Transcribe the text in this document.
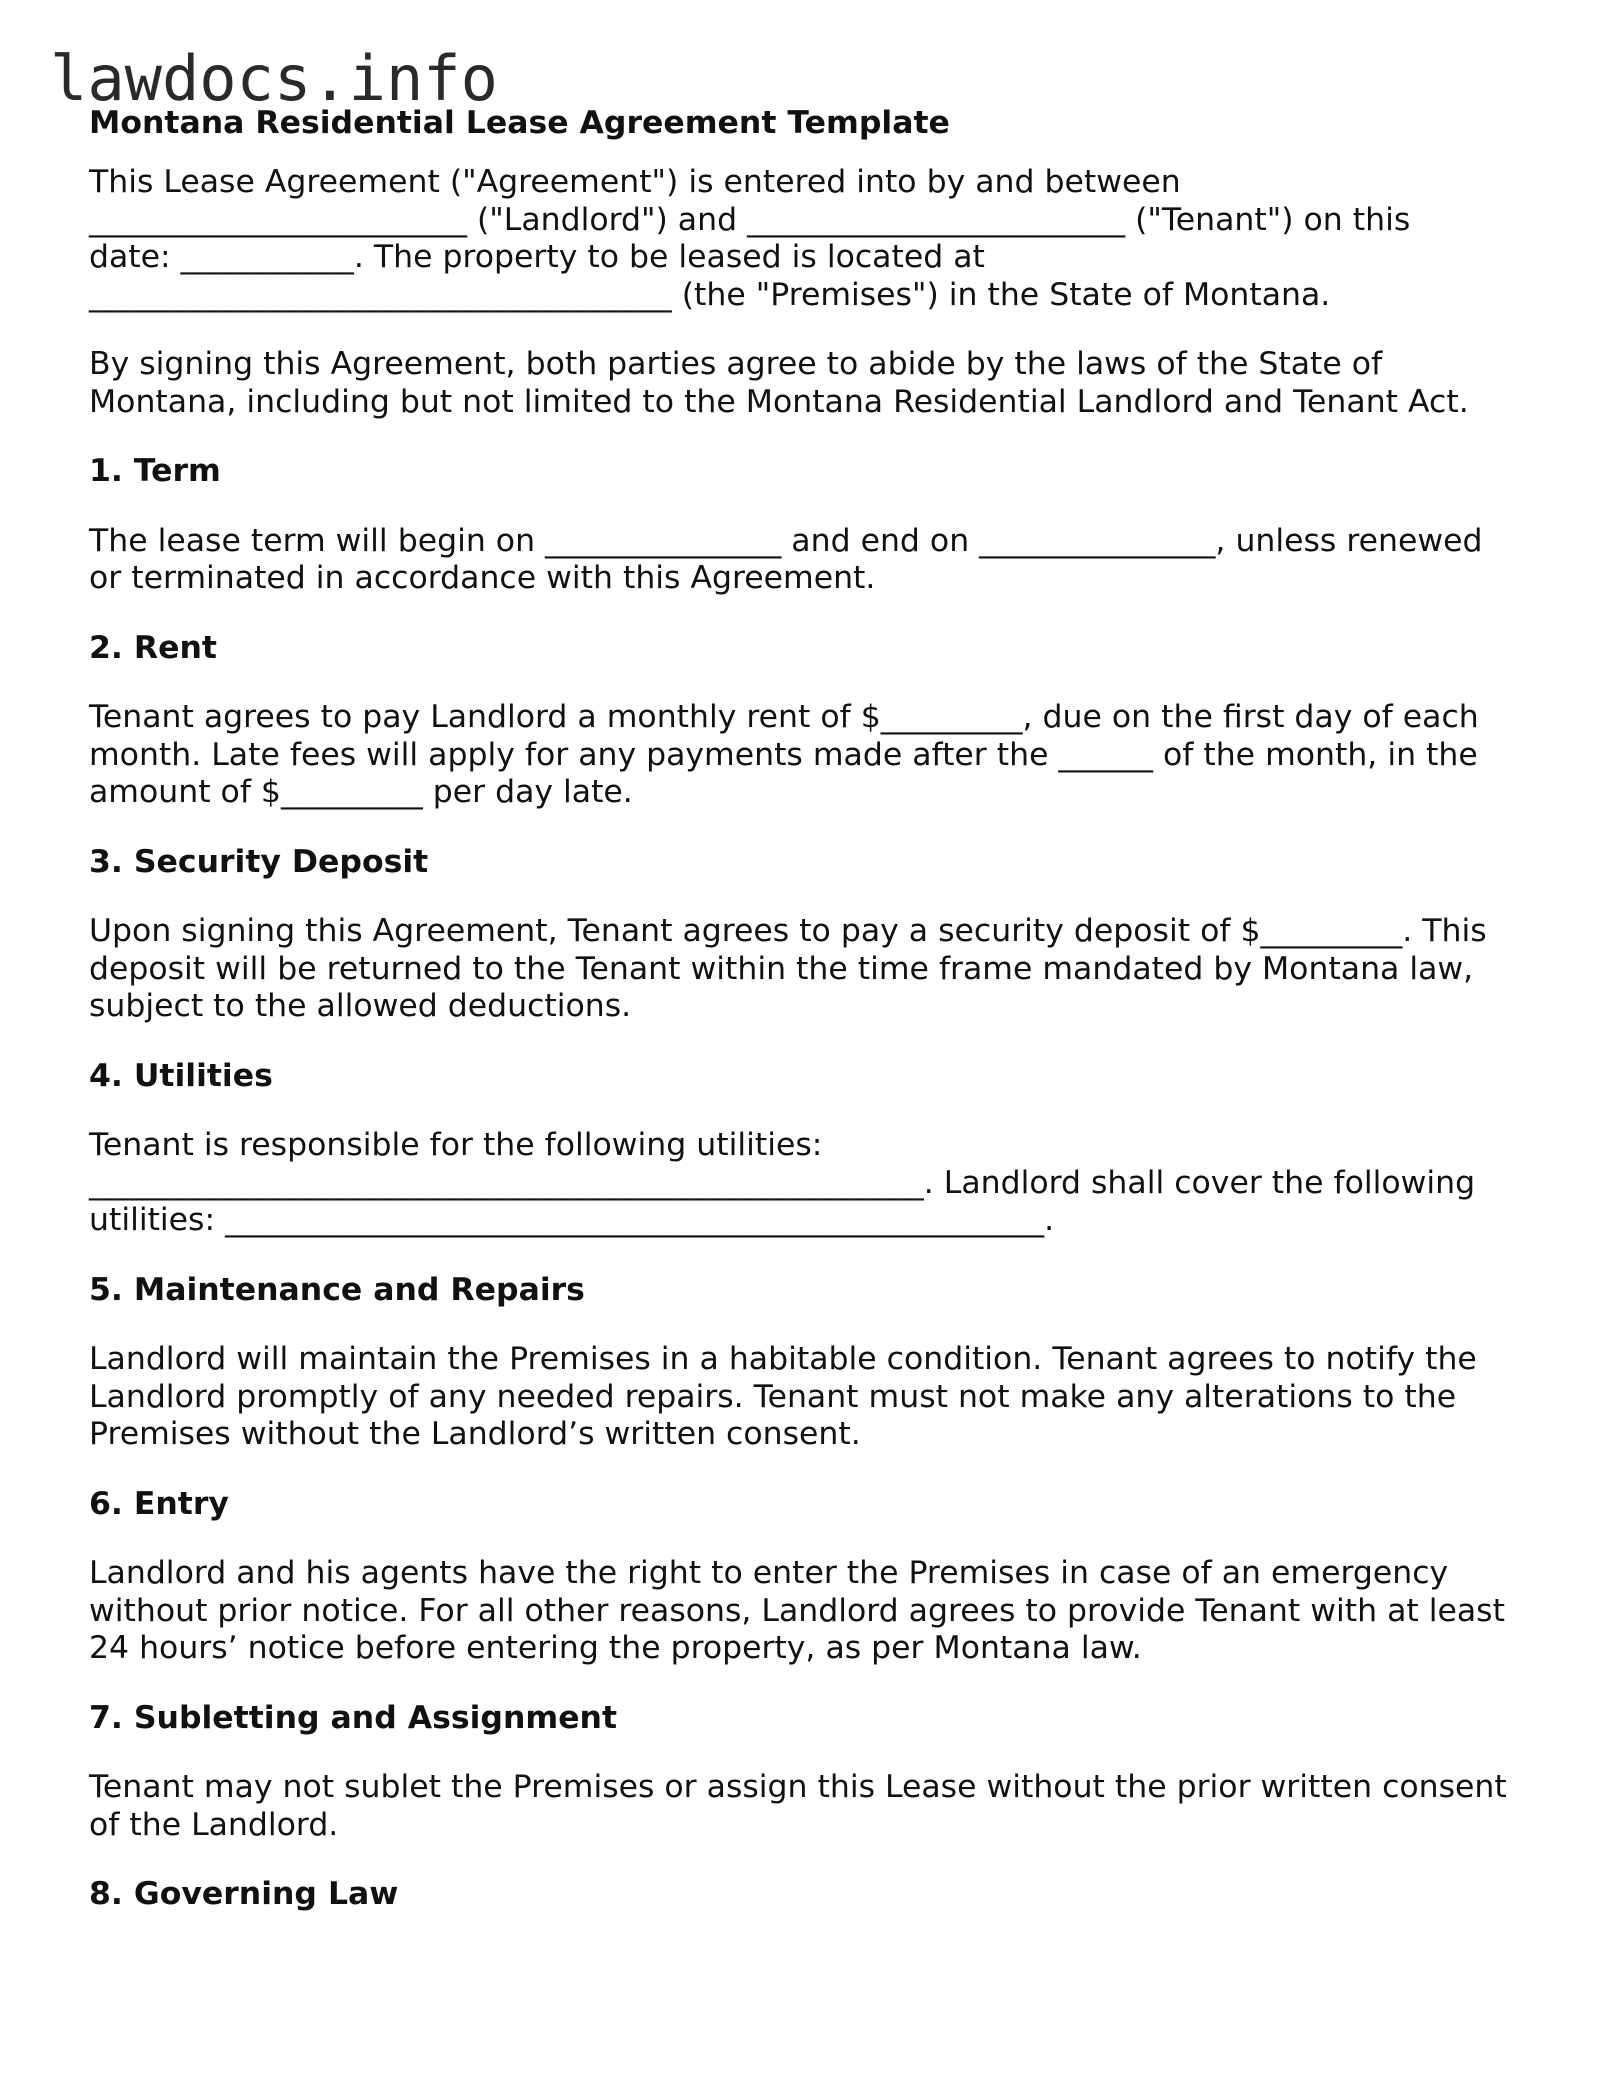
lawdocs.info
Montana Residential Lease Agreement Template
This Lease Agreement ("Agreement") is entered into by and between
________________________ ("Landlord") and ________________________ ("Tenant") on this
date: ___________. The property to be leased is located at
_____________________________________ (the "Premises") in the State of Montana.
By signing this Agreement, both parties agree to abide by the laws of the State of
Montana, including but not limited to the Montana Residential Landlord and Tenant Act.
1. Term
The lease term will begin on _______________ and end on _______________, unless renewed
or terminated in accordance with this Agreement.
2. Rent
Tenant agrees to pay Landlord a monthly rent of $_________, due on the first day of each
month. Late fees will apply for any payments made after the ______ of the month, in the
amount of $_________ per day late.
3. Security Deposit
Upon signing this Agreement, Tenant agrees to pay a security deposit of $_________. This
deposit will be returned to the Tenant within the time frame mandated by Montana law,
subject to the allowed deductions.
4. Utilities
Tenant is responsible for the following utilities:
_____________________________________________________. Landlord shall cover the following
utilities: ____________________________________________________.
5. Maintenance and Repairs
Landlord will maintain the Premises in a habitable condition. Tenant agrees to notify the
Landlord promptly of any needed repairs. Tenant must not make any alterations to the
Premises without the Landlord’s written consent.
6. Entry
Landlord and his agents have the right to enter the Premises in case of an emergency
without prior notice. For all other reasons, Landlord agrees to provide Tenant with at least
24 hours’ notice before entering the property, as per Montana law.
7. Subletting and Assignment
Tenant may not sublet the Premises or assign this Lease without the prior written consent
of the Landlord.
8. Governing Law
